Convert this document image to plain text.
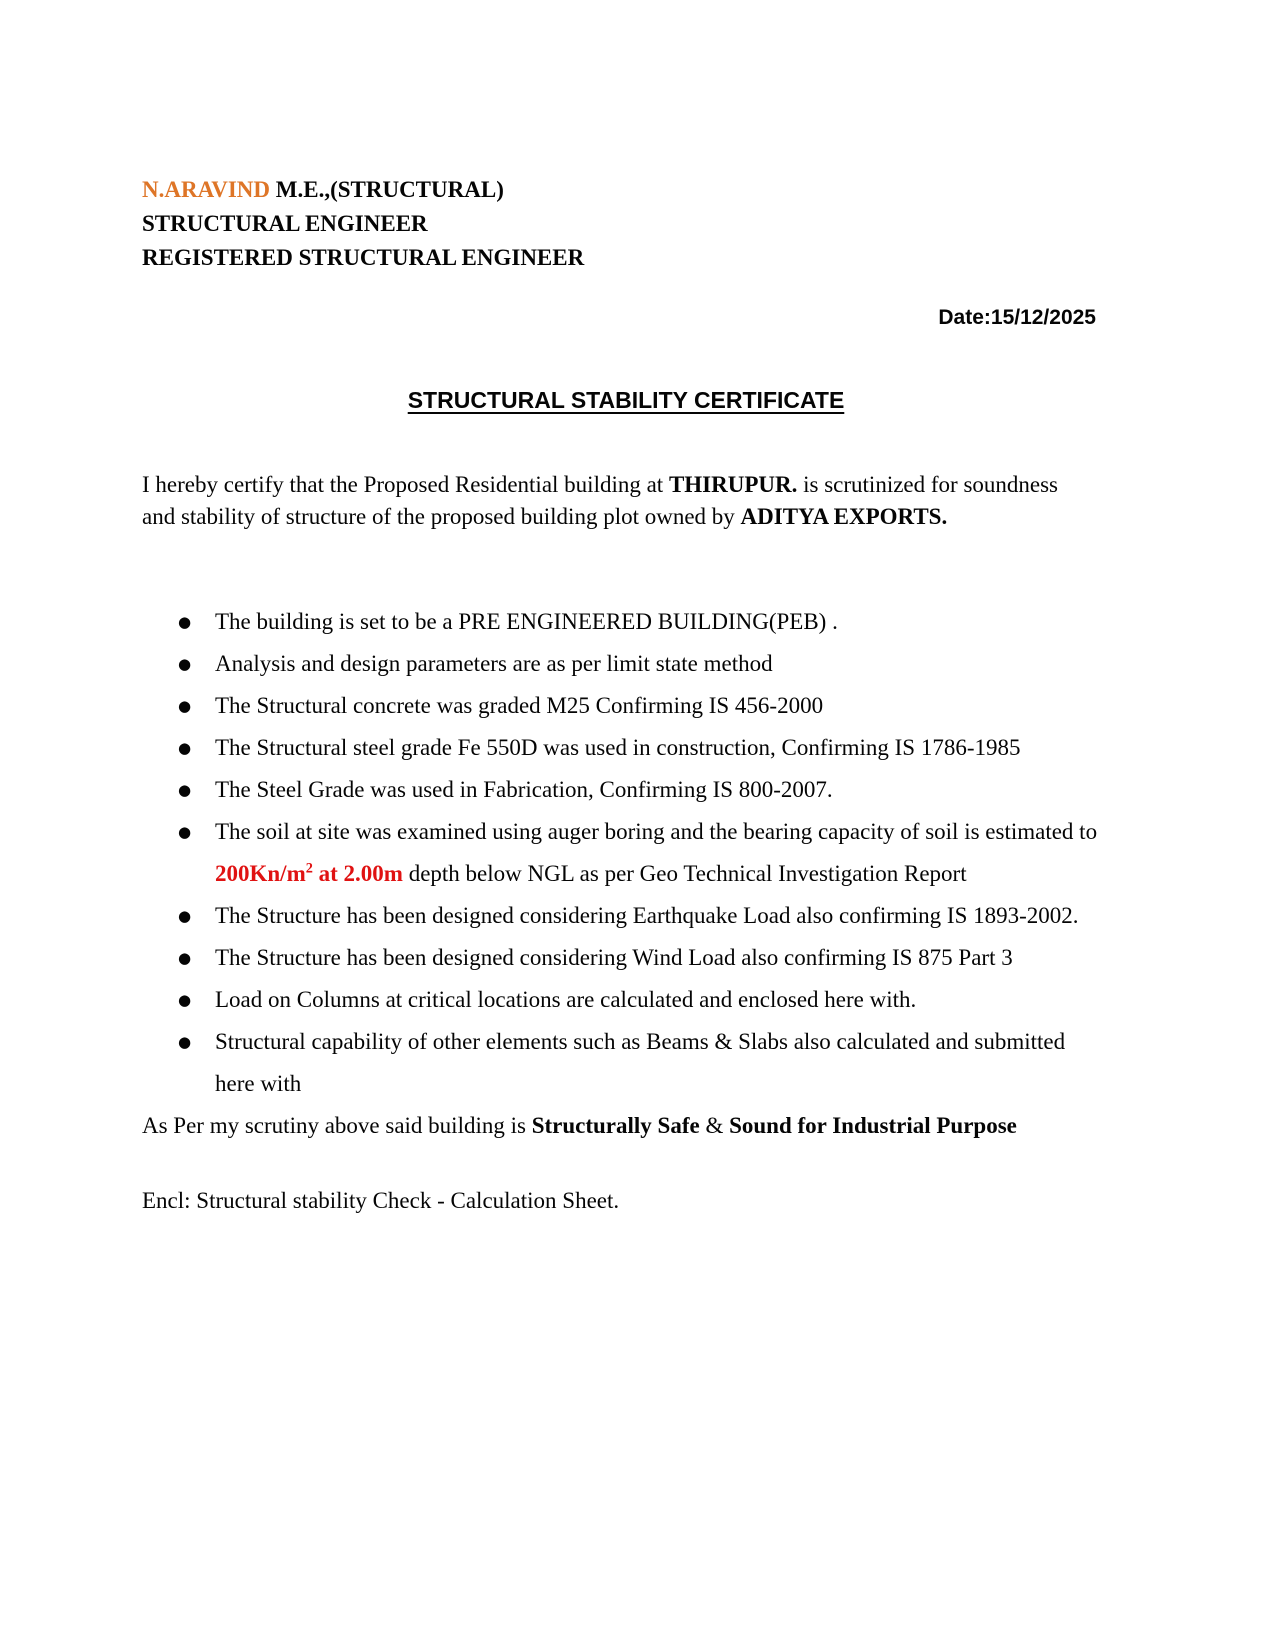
N.ARAVIND M.E.,(STRUCTURAL)
STRUCTURAL ENGINEER
REGISTERED STRUCTURAL ENGINEER
Date:15/12/2025
STRUCTURAL STABILITY CERTIFICATE

I hereby certify that the Proposed Residential building at THIRUPUR. is scrutinized for soundness and stability of structure of the proposed building plot owned by ADITYA EXPORTS.

● The building is set to be a PRE ENGINEERED BUILDING(PEB) .
● Analysis and design parameters are as per limit state method
● The Structural concrete was graded M25 Confirming IS 456-2000
● The Structural steel grade Fe 550D was used in construction, Confirming IS 1786-1985
● The Steel Grade was used in Fabrication, Confirming IS 800-2007.
● The soil at site was examined using auger boring and the bearing capacity of soil is estimated to $200Kn/m^2$ at 2.00m depth below NGL as per Geo Technical Investigation Report
● The Structure has been designed considering Earthquake Load also confirming IS 1893-2002.
● The Structure has been designed considering Wind Load also confirming IS 875 Part 3
● Load on Columns at critical locations are calculated and enclosed here with.
● Structural capability of other elements such as Beams & Slabs also calculated and submitted here with

As Per my scrutiny above said building is Structurally Safe & Sound for Industrial Purpose

Encl: Structural stability Check - Calculation Sheet.
